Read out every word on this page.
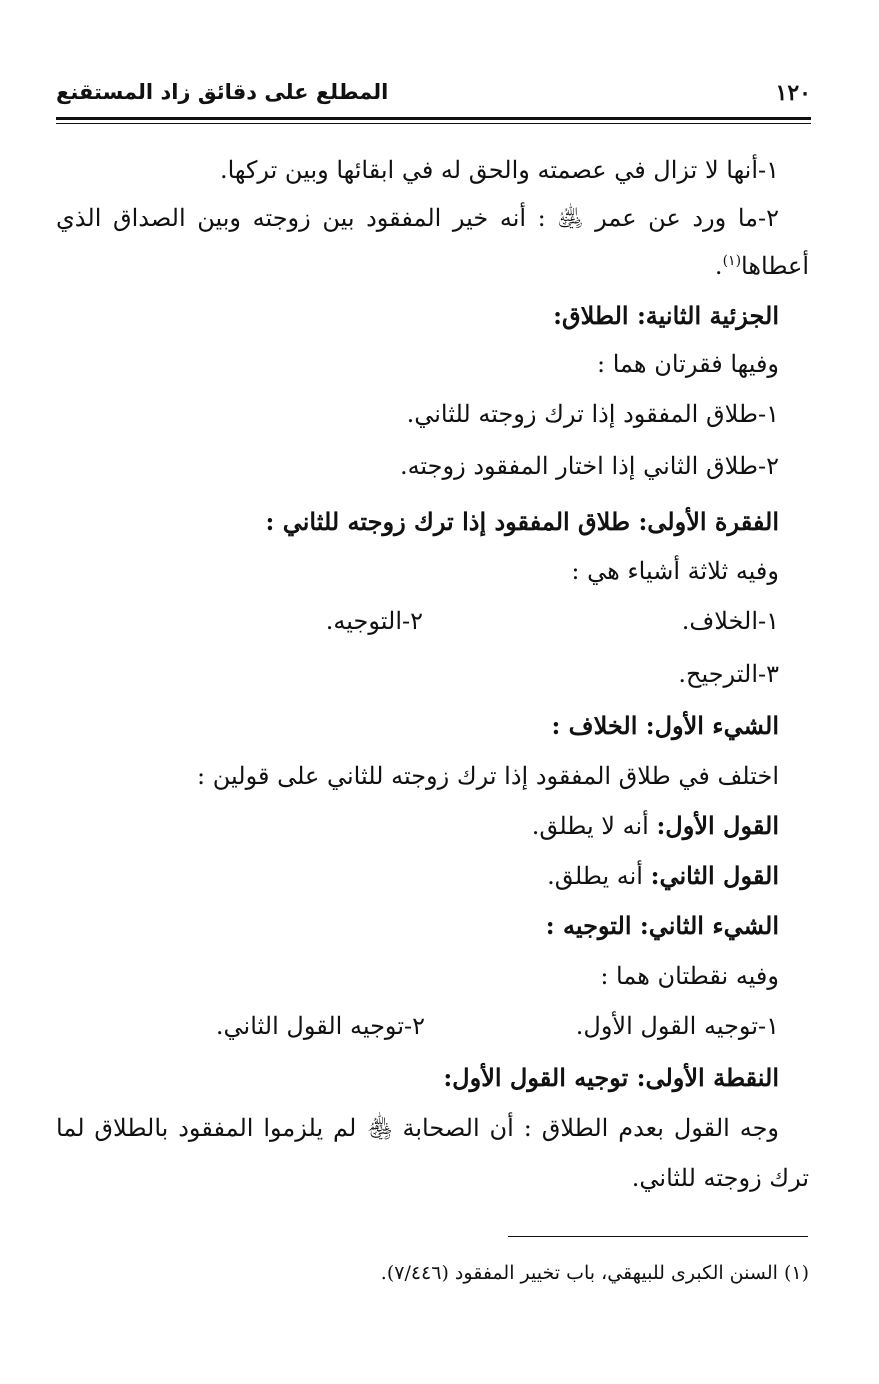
١٢٠
المطلع على دقائق زاد المستقنع
١-أنها لا تزال في عصمته والحق له في ابقائها وبين تركها.
٢-ما ورد عن عمر ﵁ : أنه خير المفقود بين زوجته وبين الصداق الذي
أعطاها$^{(١)}$.
الجزئية الثانية: الطلاق:
وفيها فقرتان هما :
١-طلاق المفقود إذا ترك زوجته للثاني.
٢-طلاق الثاني إذا اختار المفقود زوجته.
الفقرة الأولى: طلاق المفقود إذا ترك زوجته للثاني :
وفيه ثلاثة أشياء هي :
١-الخلاف.
٢-التوجيه.
٣-الترجيح.
الشيء الأول: الخلاف :
اختلف في طلاق المفقود إذا ترك زوجته للثاني على قولين :
القول الأول: أنه لا يطلق.
القول الثاني: أنه يطلق.
الشيء الثاني: التوجيه :
وفيه نقطتان هما :
١-توجيه القول الأول.
٢-توجيه القول الثاني.
النقطة الأولى: توجيه القول الأول:
وجه القول بعدم الطلاق : أن الصحابة ﵃ لم يلزموا المفقود بالطلاق لما
ترك زوجته للثاني.
(١) السنن الكبرى للبيهقي، باب تخيير المفقود (٧/٤٤٦).
